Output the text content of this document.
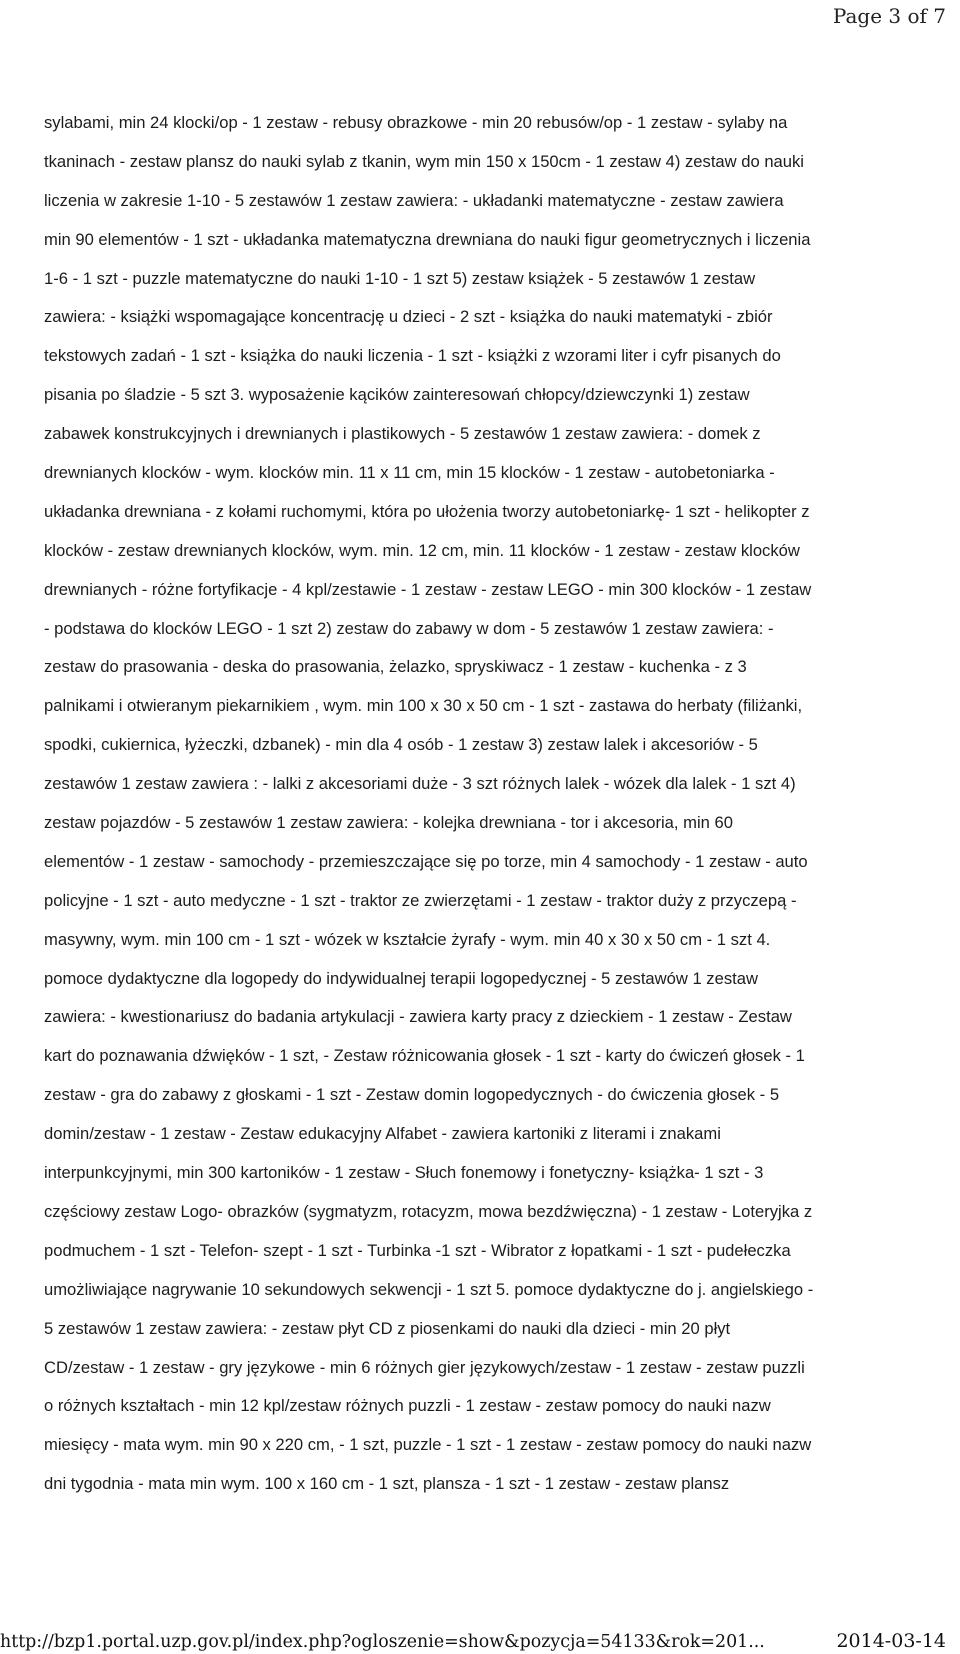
Page 3 of 7
sylabami, min 24 klocki/op - 1 zestaw - rebusy obrazkowe - min 20 rebusów/op - 1 zestaw - sylaby na
tkaninach - zestaw plansz do nauki sylab z tkanin, wym min 150 x 150cm - 1 zestaw 4) zestaw do nauki
liczenia w zakresie 1-10 - 5 zestawów 1 zestaw zawiera: - układanki matematyczne - zestaw zawiera
min 90 elementów - 1 szt - układanka matematyczna drewniana do nauki figur geometrycznych i liczenia
1-6 - 1 szt - puzzle matematyczne do nauki 1-10 - 1 szt 5) zestaw książek - 5 zestawów 1 zestaw
zawiera: - książki wspomagające koncentrację u dzieci - 2 szt - książka do nauki matematyki - zbiór
tekstowych zadań - 1 szt - książka do nauki liczenia - 1 szt - książki z wzorami liter i cyfr pisanych do
pisania po śladzie - 5 szt 3. wyposażenie kącików zainteresowań chłopcy/dziewczynki 1) zestaw
zabawek konstrukcyjnych i drewnianych i plastikowych - 5 zestawów 1 zestaw zawiera: - domek z
drewnianych klocków - wym. klocków min. 11 x 11 cm, min 15 klocków - 1 zestaw - autobetoniarka -
układanka drewniana - z kołami ruchomymi, która po ułożenia tworzy autobetoniarkę- 1 szt - helikopter z
klocków - zestaw drewnianych klocków, wym. min. 12 cm, min. 11 klocków - 1 zestaw - zestaw klocków
drewnianych - różne fortyfikacje - 4 kpl/zestawie - 1 zestaw - zestaw LEGO - min 300 klocków - 1 zestaw
- podstawa do klocków LEGO - 1 szt 2) zestaw do zabawy w dom - 5 zestawów 1 zestaw zawiera: -
zestaw do prasowania - deska do prasowania, żelazko, spryskiwacz - 1 zestaw - kuchenka - z 3
palnikami i otwieranym piekarnikiem , wym. min 100 x 30 x 50 cm - 1 szt - zastawa do herbaty (filiżanki,
spodki, cukiernica, łyżeczki, dzbanek) - min dla 4 osób - 1 zestaw 3) zestaw lalek i akcesoriów - 5
zestawów 1 zestaw zawiera : - lalki z akcesoriami duże - 3 szt różnych lalek - wózek dla lalek - 1 szt 4)
zestaw pojazdów - 5 zestawów 1 zestaw zawiera: - kolejka drewniana - tor i akcesoria, min 60
elementów - 1 zestaw - samochody - przemieszczające się po torze, min 4 samochody - 1 zestaw - auto
policyjne - 1 szt - auto medyczne - 1 szt - traktor ze zwierzętami - 1 zestaw - traktor duży z przyczepą -
masywny, wym. min 100 cm - 1 szt - wózek w kształcie żyrafy - wym. min 40 x 30 x 50 cm - 1 szt 4.
pomoce dydaktyczne dla logopedy do indywidualnej terapii logopedycznej - 5 zestawów 1 zestaw
zawiera: - kwestionariusz do badania artykulacji - zawiera karty pracy z dzieckiem - 1 zestaw - Zestaw
kart do poznawania dźwięków - 1 szt, - Zestaw różnicowania głosek - 1 szt - karty do ćwiczeń głosek - 1
zestaw - gra do zabawy z głoskami - 1 szt - Zestaw domin logopedycznych - do ćwiczenia głosek - 5
domin/zestaw - 1 zestaw - Zestaw edukacyjny Alfabet - zawiera kartoniki z literami i znakami
interpunkcyjnymi, min 300 kartoników - 1 zestaw - Słuch fonemowy i fonetyczny- książka- 1 szt - 3
częściowy zestaw Logo- obrazków (sygmatyzm, rotacyzm, mowa bezdźwięczna) - 1 zestaw - Loteryjka z
podmuchem - 1 szt - Telefon- szept - 1 szt - Turbinka -1 szt - Wibrator z łopatkami - 1 szt - pudełeczka
umożliwiające nagrywanie 10 sekundowych sekwencji - 1 szt 5. pomoce dydaktyczne do j. angielskiego -
5 zestawów 1 zestaw zawiera: - zestaw płyt CD z piosenkami do nauki dla dzieci - min 20 płyt
CD/zestaw - 1 zestaw - gry językowe - min 6 różnych gier językowych/zestaw - 1 zestaw - zestaw puzzli
o różnych kształtach - min 12 kpl/zestaw różnych puzzli - 1 zestaw - zestaw pomocy do nauki nazw
miesięcy - mata wym. min 90 x 220 cm, - 1 szt, puzzle - 1 szt - 1 zestaw - zestaw pomocy do nauki nazw
dni tygodnia - mata min wym. 100 x 160 cm - 1 szt, plansza - 1 szt - 1 zestaw - zestaw plansz
http://bzp1.portal.uzp.gov.pl/index.php?ogloszenie=show&pozycja=54133&rok=201...	2014-03-14
